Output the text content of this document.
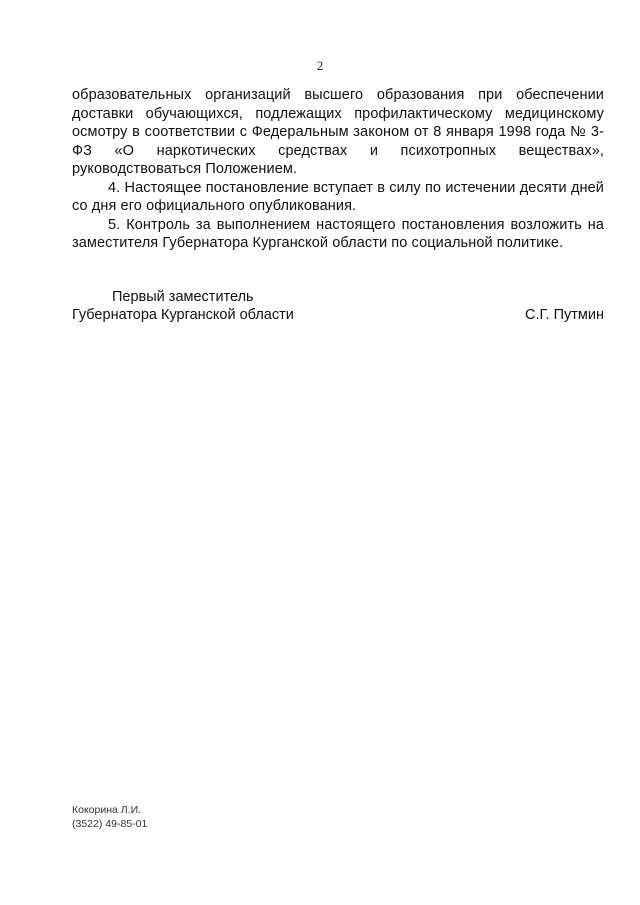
2

образовательных организаций высшего образования при обеспечении доставки обучающихся, подлежащих профилактическому медицинскому осмотру в соответствии с Федеральным законом от 8 января 1998 года № 3-ФЗ «О наркотических средствах и психотропных веществах», руководствоваться Положением.

4. Настоящее постановление вступает в силу по истечении десяти дней со дня его официального опубликования.

5. Контроль за выполнением настоящего постановления возложить на заместителя Губернатора Курганской области по социальной политике.

Первый заместитель
Губернатора Курганской области	С.Г. Путмин
Кокорина Л.И.
(3522) 49-85-01
